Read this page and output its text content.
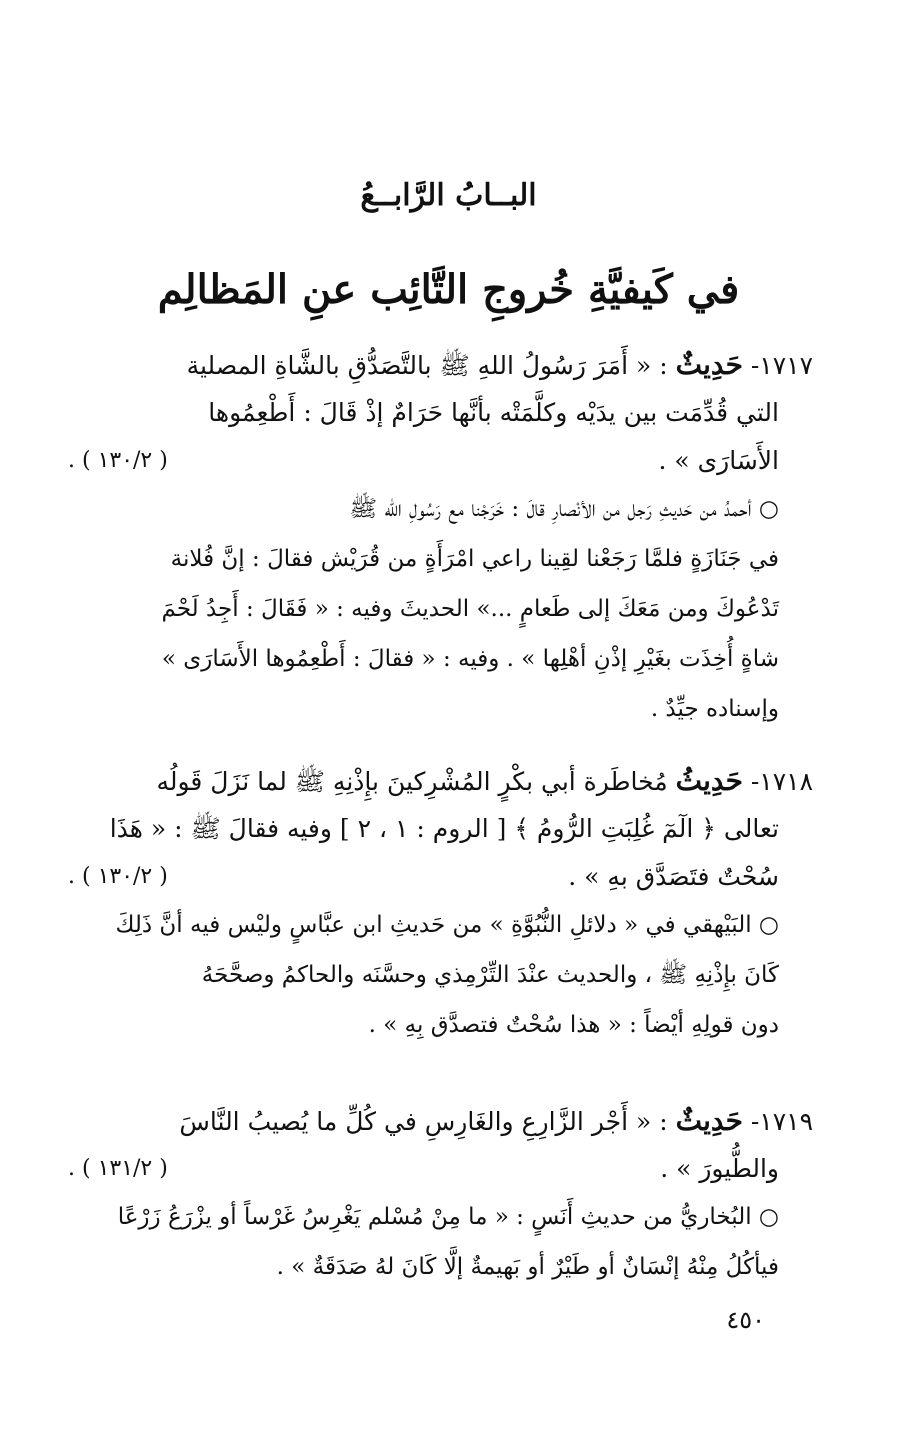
البــابُ الرَّابــعُ
في كَيفيَّةِ خُروجِ التَّائِب عنِ المَظالِم
١٧١٧- حَدِيثٌ : « أَمَرَ رَسُولُ اللهِ ﷺ بالتَّصَدُّقِ بالشَّاةِ المصلية
التي قُدِّمَت بين يدَيْه وكلَّمَتْه بأنَّها حَرَامٌ إذْ قَالَ : أَطْعِمُوها
الأَسَارَى » .
( ١٣٠/٢ ) .
○ أحمدُ من حَديثِ رَجل من الأنْصارِ قالَ : خَرَجْنا مع رَسُولِ الله ﷺ
في جَنَازَةٍ فلمَّا رَجَعْنا لقِينا راعي امْرَأَةٍ من قُرَيْش فقالَ : إنَّ فُلانة
تَدْعُوكَ ومن مَعَكَ إلى طَعامٍ ...» الحديثَ وفيه : « فَقَالَ : أَجِدُ لَحْمَ
شاةٍ أُخِذَت بغَيْرِ إذْنِ أهْلِها » . وفيه : « فقالَ : أَطْعِمُوها الأَسَارَى »
وإسناده جيِّدٌ .
١٧١٨- حَدِيثُ مُخاطَرة أبي بكْرٍ المُشْرِكينَ بإِذْنِهِ ﷺ لما نَزَلَ قَولُه
تعالى ﴿ الٓمٓ غُلِبَتِ الرُّومُ ﴾ [ الروم : ١ ، ٢ ] وفيه فقالَ ﷺ : « هَذَا
سُحْتٌ فتَصَدَّق بهِ » .
( ١٣٠/٢ ) .
○ البَيْهقي في « دلائلِ النُّبُوَّةِ » من حَديثِ ابن عبَّاسٍ وليْس فيه أنَّ ذَلِكَ
كَانَ بإِذْنِهِ ﷺ ، والحديث عنْدَ التِّرْمِذي وحسَّنَه والحاكمُ وصحَّحَهُ
دون قولِهِ أيْضاً : « هذا سُحْتٌ فتصدَّق بِهِ » .
١٧١٩- حَدِيثٌ : « أَجْر الزَّارِعِ والغَارِسِ في كُلِّ ما يُصيبُ النَّاسَ
والطُّيورَ » .
( ١٣١/٢ ) .
○ البُخاريُّ من حديثِ أَنَسٍ : « ما مِنْ مُسْلم يَغْرِسُ غَرْساً أو يزْرَعُ زَرْعًا
فيأكُلُ مِنْهُ إنْسَانٌ أو طَيْرٌ أو بَهيمةٌ إلَّا كَانَ لهُ صَدَقَةٌ » .
٤٥٠
